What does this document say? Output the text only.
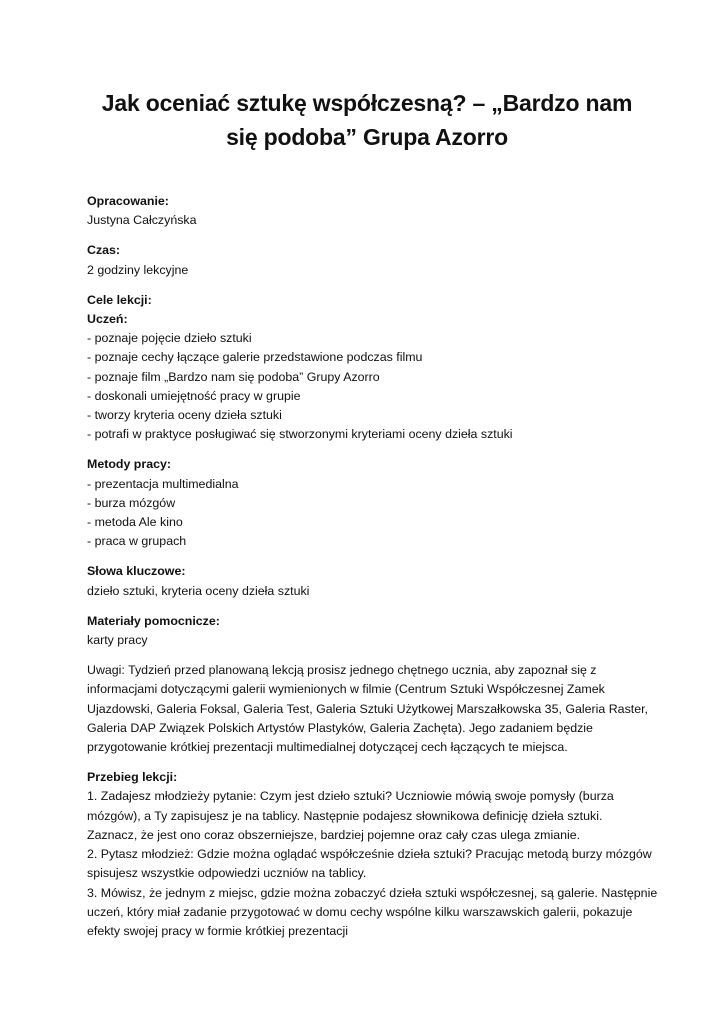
Jak oceniać sztukę współczesną? – „Bardzo nam się podoba” Grupa Azorro
Opracowanie:
Justyna Całczyńska
Czas:
2 godziny lekcyjne
Cele lekcji:
Uczeń:
- poznaje pojęcie dzieło sztuki
- poznaje cechy łączące galerie przedstawione podczas filmu
- poznaje film „Bardzo nam się podoba” Grupy Azorro
- doskonali umiejętność pracy w grupie
- tworzy kryteria oceny dzieła sztuki
- potrafi w praktyce posługiwać się stworzonymi kryteriami oceny dzieła sztuki
Metody pracy:
- prezentacja multimedialna
- burza mózgów
- metoda Ale kino
- praca w grupach
Słowa kluczowe:
dzieło sztuki, kryteria oceny dzieła sztuki
Materiały pomocnicze:
karty pracy
Uwagi: Tydzień przed planowaną lekcją prosisz jednego chętnego ucznia, aby zapoznał się z
informacjami dotyczącymi galerii wymienionych w filmie (Centrum Sztuki Współczesnej Zamek
Ujazdowski, Galeria Foksal, Galeria Test, Galeria Sztuki Użytkowej Marszałkowska 35, Galeria Raster,
Galeria DAP Związek Polskich Artystów Plastyków, Galeria Zachęta). Jego zadaniem będzie
przygotowanie krótkiej prezentacji multimedialnej dotyczącej cech łączących te miejsca.
Przebieg lekcji:
1. Zadajesz młodzieży pytanie: Czym jest dzieło sztuki? Uczniowie mówią swoje pomysły (burza
mózgów), a Ty zapisujesz je na tablicy. Następnie podajesz słownikowa definicję dzieła sztuki.
Zaznacz, że jest ono coraz obszerniejsze, bardziej pojemne oraz cały czas ulega zmianie.
2. Pytasz młodzież: Gdzie można oglądać współcześnie dzieła sztuki? Pracując metodą burzy mózgów
spisujesz wszystkie odpowiedzi uczniów na tablicy.
3. Mówisz, że jednym z miejsc, gdzie można zobaczyć dzieła sztuki współczesnej, są galerie. Następnie
uczeń, który miał zadanie przygotować w domu cechy wspólne kilku warszawskich galerii, pokazuje
efekty swojej pracy w formie krótkiej prezentacji
